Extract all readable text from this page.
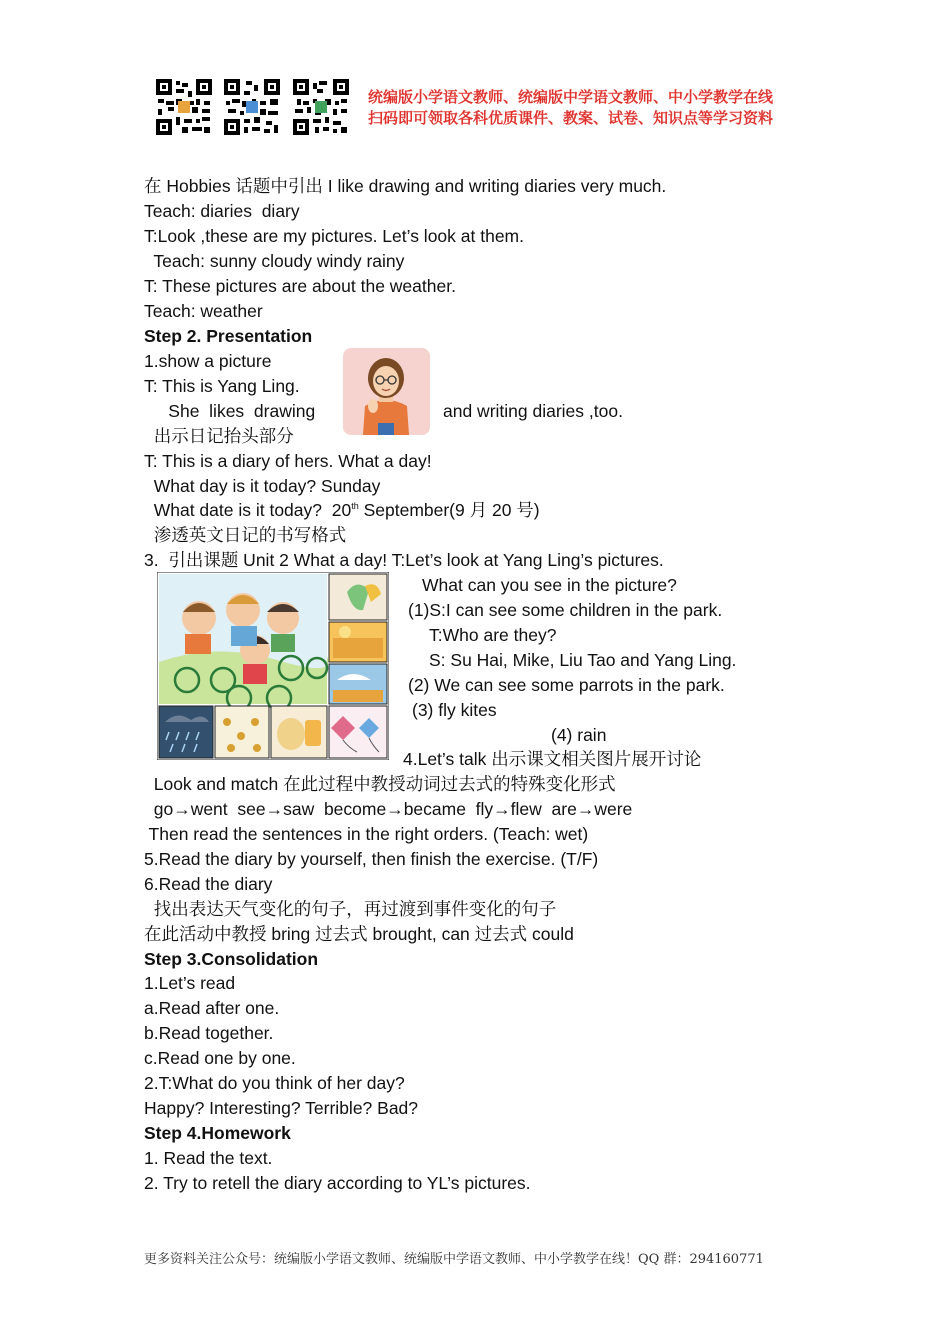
统编版小学语文教师、统编版中学语文教师、中小学教学在线
扫码即可领取各科优质课件、教案、试卷、知识点等学习资料
在 Hobbies 话题中引出 I like drawing and writing diaries very much.
Teach: diaries  diary
T:Look ,these are my pictures. Let’s look at them.
Teach: sunny cloudy windy rainy
T: These pictures are about the weather.
Teach: weather
Step 2. Presentation
1.show a picture
T: This is Yang Ling.
She  likes  drawing	and writing diaries ,too.
出示日记抬头部分
T: This is a diary of hers. What a day!
What day is it today? Sunday
What date is it today?  20th September(9 月 20 号)
渗透英文日记的书写格式
3.  引出课题 Unit 2 What a day! T:Let’s look at Yang Ling’s pictures.
What can you see in the picture?
(1)S:I can see some children in the park.
T:Who are they?
S: Su Hai, Mike, Liu Tao and Yang Ling.
(2) We can see some parrots in the park.
(3) fly kites
(4) rain
4.Let’s talk 出示课文相关图片展开讨论
Look and match 在此过程中教授动词过去式的特殊变化形式
go→went  see→saw  become→became  fly→flew  are→were
Then read the sentences in the right orders. (Teach: wet)
5.Read the diary by yourself, then finish the exercise. (T/F)
6.Read the diary
找出表达天气变化的句子，再过渡到事件变化的句子
在此活动中教授 bring 过去式 brought, can 过去式 could
Step 3.Consolidation
1.Let’s read
a.Read after one.
b.Read together.
c.Read one by one.
2.T:What do you think of her day?
Happy? Interesting? Terrible? Bad?
Step 4.Homework
1. Read the text.
2. Try to retell the diary according to YL’s pictures.
更多资料关注公众号：统编版小学语文教师、统编版中学语文教师、中小学教学在线！QQ 群：294160771
